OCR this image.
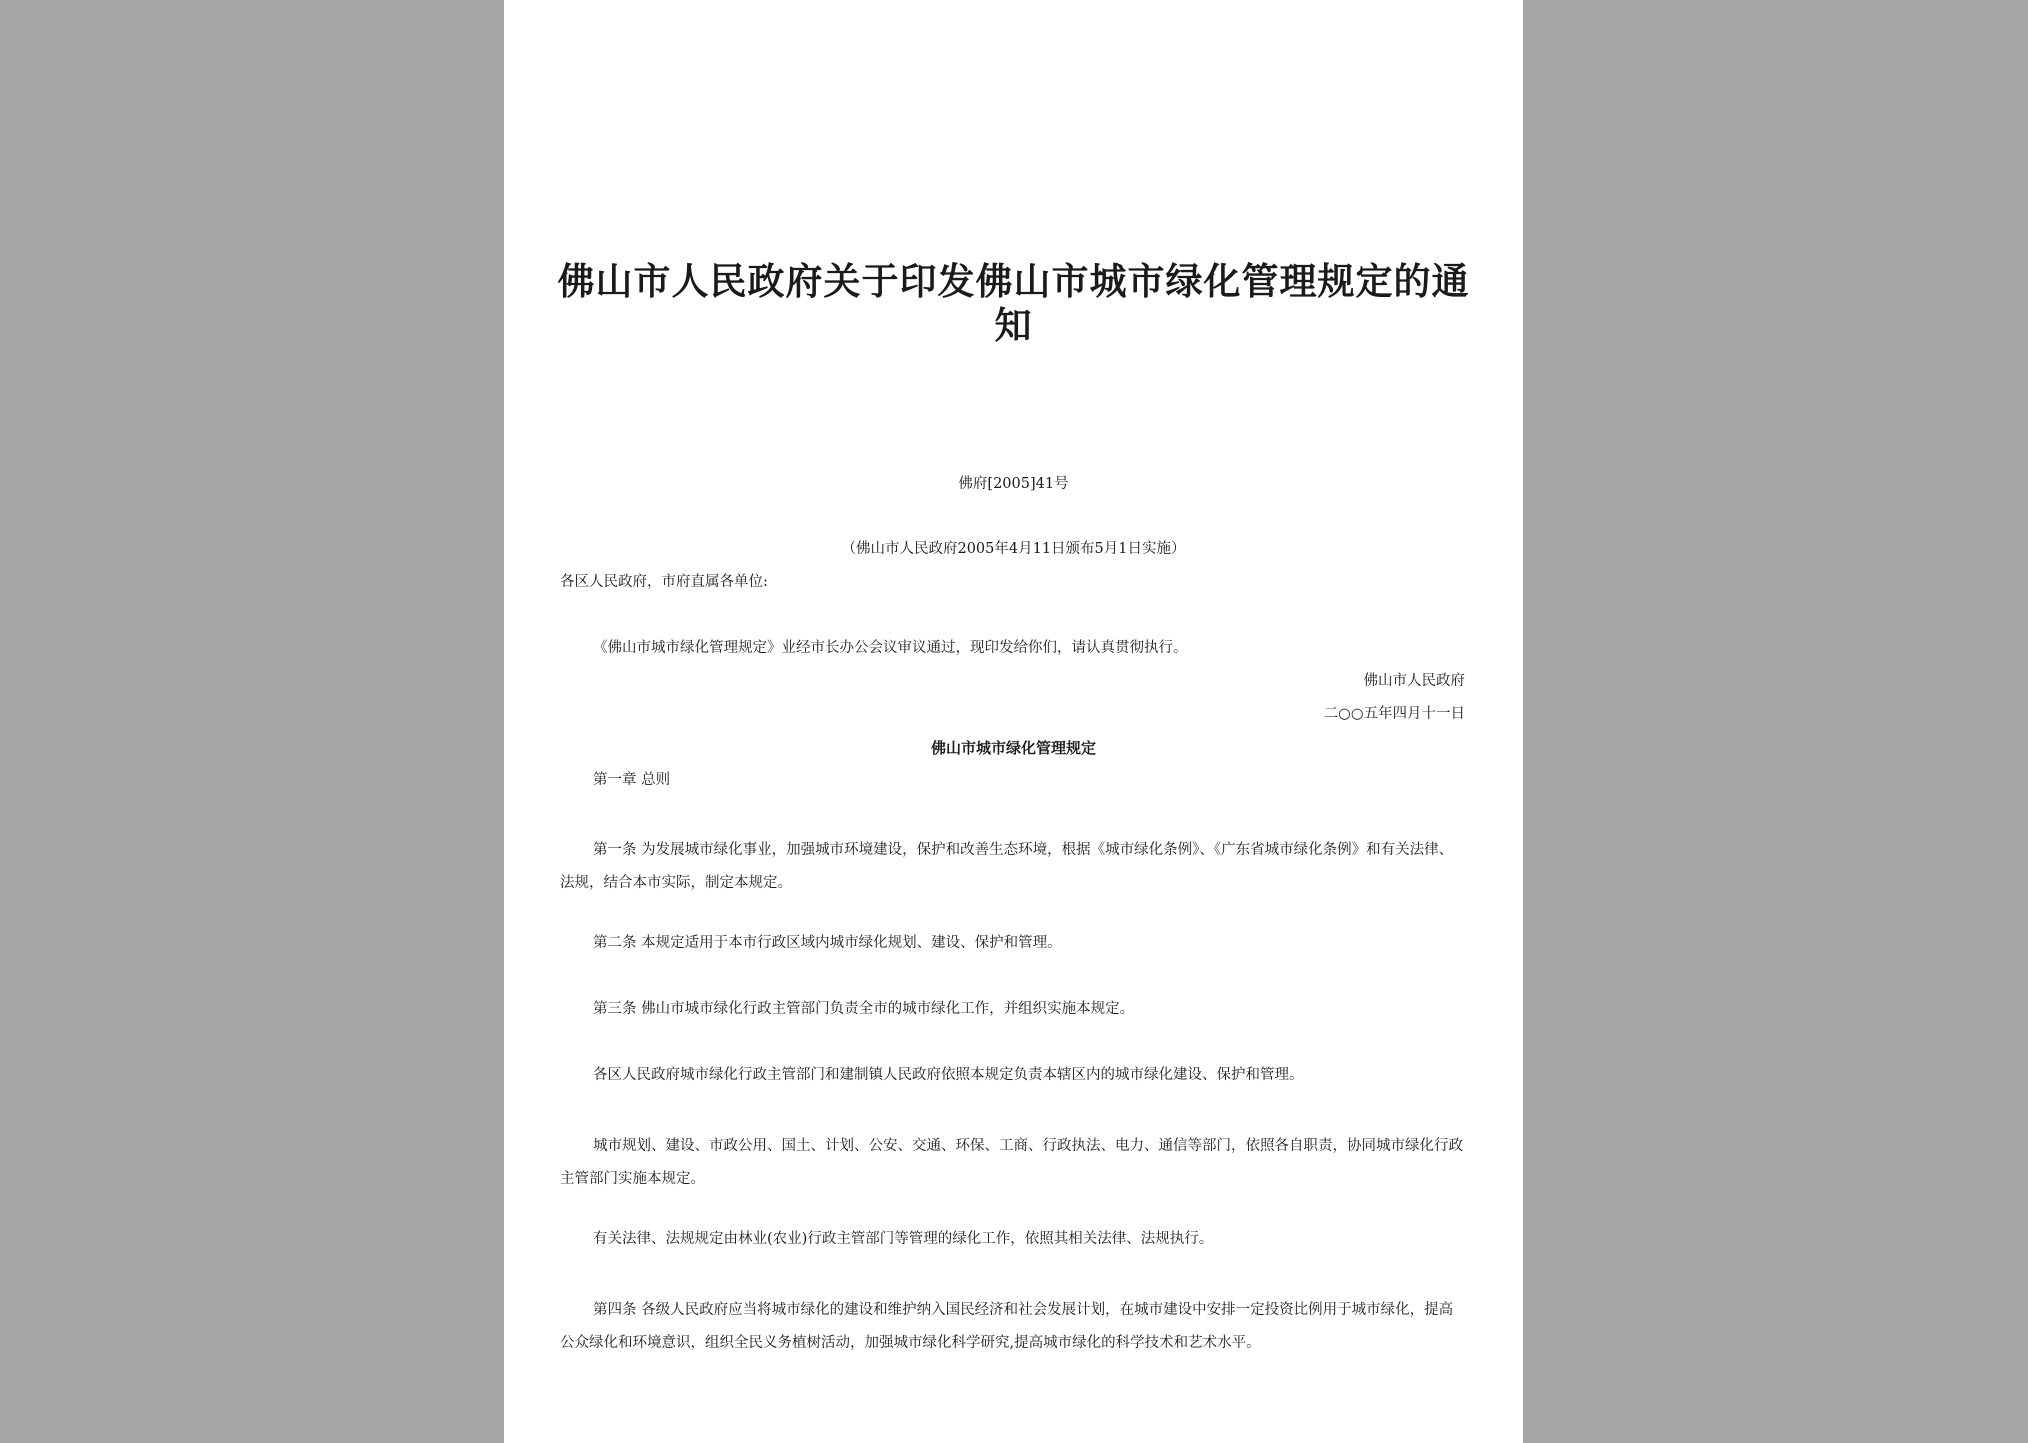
佛山市人民政府关于印发佛山市城市绿化管理规定的通知
佛府[2005]41号
（佛山市人民政府2005年4月11日颁布5月1日实施）
各区人民政府，市府直属各单位:
《佛山市城市绿化管理规定》业经市长办公会议审议通过，现印发给你们，请认真贯彻执行。
佛山市人民政府
二○○五年四月十一日
佛山市城市绿化管理规定
第一章 总则

第一条 为发展城市绿化事业，加强城市环境建设，保护和改善生态环境，根据《城市绿化条例》、《广东省城市绿化条例》和有关法律、法规，结合本市实际，制定本规定。

第二条 本规定适用于本市行政区域内城市绿化规划、建设、保护和管理。
第三条 佛山市城市绿化行政主管部门负责全市的城市绿化工作，并组织实施本规定。
各区人民政府城市绿化行政主管部门和建制镇人民政府依照本规定负责本辖区内的城市绿化建设、保护和管理。

城市规划、建设、市政公用、国土、计划、公安、交通、环保、工商、行政执法、电力、通信等部门，依照各自职责，协同城市绿化行政主管部门实施本规定。

有关法律、法规规定由林业(农业)行政主管部门等管理的绿化工作，依照其相关法律、法规执行。

第四条 各级人民政府应当将城市绿化的建设和维护纳入国民经济和社会发展计划，在城市建设中安排一定投资比例用于城市绿化，提高公众绿化和环境意识，组织全民义务植树活动，加强城市绿化科学研究,提高城市绿化的科学技术和艺术水平。
